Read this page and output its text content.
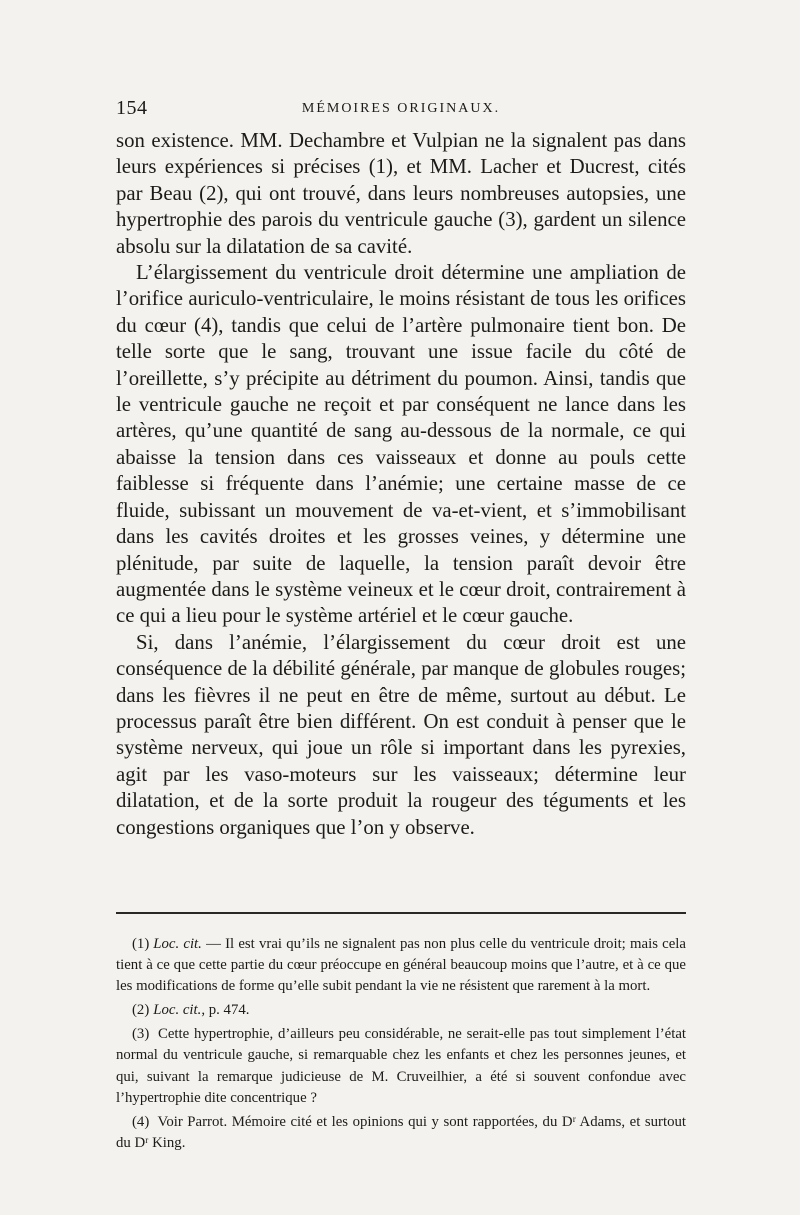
154	MÉMOIRES ORIGINAUX.

son existence. MM. Dechambre et Vulpian ne la signalent pas dans leurs expériences si précises (1), et MM. Lacher et Ducrest, cités par Beau (2), qui ont trouvé, dans leurs nombreuses autopsies, une hypertrophie des parois du ventricule gauche (3), gardent un silence absolu sur la dilatation de sa cavité.

L’élargissement du ventricule droit détermine une ampliation de l’orifice auriculo-ventriculaire, le moins résistant de tous les orifices du cœur (4), tandis que celui de l’artère pulmonaire tient bon. De telle sorte que le sang, trouvant une issue facile du côté de l’oreillette, s’y précipite au détriment du poumon. Ainsi, tandis que le ventricule gauche ne reçoit et par conséquent ne lance dans les artères, qu’une quantité de sang au-dessous de la normale, ce qui abaisse la tension dans ces vaisseaux et donne au pouls cette faiblesse si fréquente dans l’anémie; une certaine masse de ce fluide, subissant un mouvement de va-et-vient, et s’immobilisant dans les cavités droites et les grosses veines, y détermine une plénitude, par suite de laquelle, la tension paraît devoir être augmentée dans le système veineux et le cœur droit, contrairement à ce qui a lieu pour le système artériel et le cœur gauche.

Si, dans l’anémie, l’élargissement du cœur droit est une conséquence de la débilité générale, par manque de globules rouges; dans les fièvres il ne peut en être de même, surtout au début. Le processus paraît être bien différent. On est conduit à penser que le système nerveux, qui joue un rôle si important dans les pyrexies, agit par les vaso-moteurs sur les vaisseaux; détermine leur dilatation, et de la sorte produit la rougeur des téguments et les congestions organiques que l’on y observe.

(1) Loc. cit. — Il est vrai qu’ils ne signalent pas non plus celle du ventricule droit; mais cela tient à ce que cette partie du cœur préoccupe en général beaucoup moins que l’autre, et à ce que les modifications de forme qu’elle subit pendant la vie ne résistent que rarement à la mort.

(2) Loc. cit., p. 474.

(3) Cette hypertrophie, d’ailleurs peu considérable, ne serait-elle pas tout simplement l’état normal du ventricule gauche, si remarquable chez les enfants et chez les personnes jeunes, et qui, suivant la remarque judicieuse de M. Cruveilhier, a été si souvent confondue avec l’hypertrophie dite concentrique ?

(4) Voir Parrot. Mémoire cité et les opinions qui y sont rapportées, du Dʳ Adams, et surtout du Dʳ King.
